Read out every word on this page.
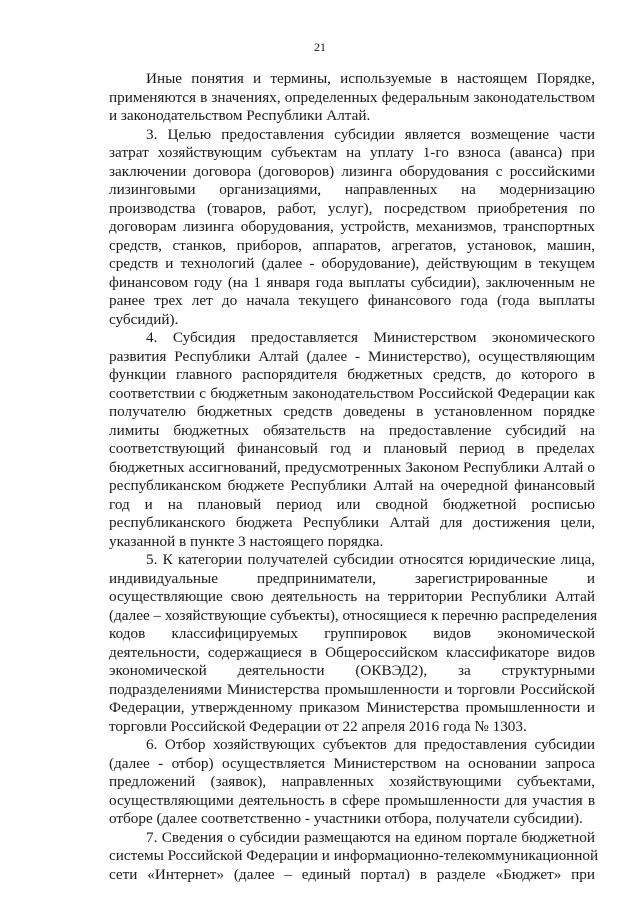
21
Иные понятия и термины, используемые в настоящем Порядке,
применяются в значениях, определенных федеральным законодательством
и законодательством Республики Алтай.
3. Целью предоставления субсидии является возмещение части
затрат хозяйствующим субъектам на уплату 1-го взноса (аванса) при
заключении договора (договоров) лизинга оборудования с российскими
лизинговыми организациями, направленных на модернизацию
производства (товаров, работ, услуг), посредством приобретения по
договорам лизинга оборудования, устройств, механизмов, транспортных
средств, станков, приборов, аппаратов, агрегатов, установок, машин,
средств и технологий (далее - оборудование), действующим в текущем
финансовом году (на 1 января года выплаты субсидии), заключенным не
ранее трех лет до начала текущего финансового года (года выплаты
субсидий).
4. Субсидия предоставляется Министерством экономического
развития Республики Алтай (далее - Министерство), осуществляющим
функции главного распорядителя бюджетных средств, до которого в
соответствии с бюджетным законодательством Российской Федерации как
получателю бюджетных средств доведены в установленном порядке
лимиты бюджетных обязательств на предоставление субсидий на
соответствующий финансовый год и плановый период в пределах
бюджетных ассигнований, предусмотренных Законом Республики Алтай о
республиканском бюджете Республики Алтай на очередной финансовый
год и на плановый период или сводной бюджетной росписью
республиканского бюджета Республики Алтай для достижения цели,
указанной в пункте 3 настоящего порядка.
5. К категории получателей субсидии относятся юридические лица,
индивидуальные предприниматели, зарегистрированные и
осуществляющие свою деятельность на территории Республики Алтай
(далее – хозяйствующие субъекты), относящиеся к перечню распределения
кодов классифицируемых группировок видов экономической
деятельности, содержащиеся в Общероссийском классификаторе видов
экономической деятельности (ОКВЭД2), за структурными
подразделениями Министерства промышленности и торговли Российской
Федерации, утвержденному приказом Министерства промышленности и
торговли Российской Федерации от 22 апреля 2016 года № 1303.
6. Отбор хозяйствующих субъектов для предоставления субсидии
(далее - отбор) осуществляется Министерством на основании запроса
предложений (заявок), направленных хозяйствующими субъектами,
осуществляющими деятельность в сфере промышленности для участия в
отборе (далее соответственно - участники отбора, получатели субсидии).
7. Сведения о субсидии размещаются на едином портале бюджетной
системы Российской Федерации и информационно-телекоммуникационной
сети «Интернет» (далее – единый портал) в разделе «Бюджет» при
